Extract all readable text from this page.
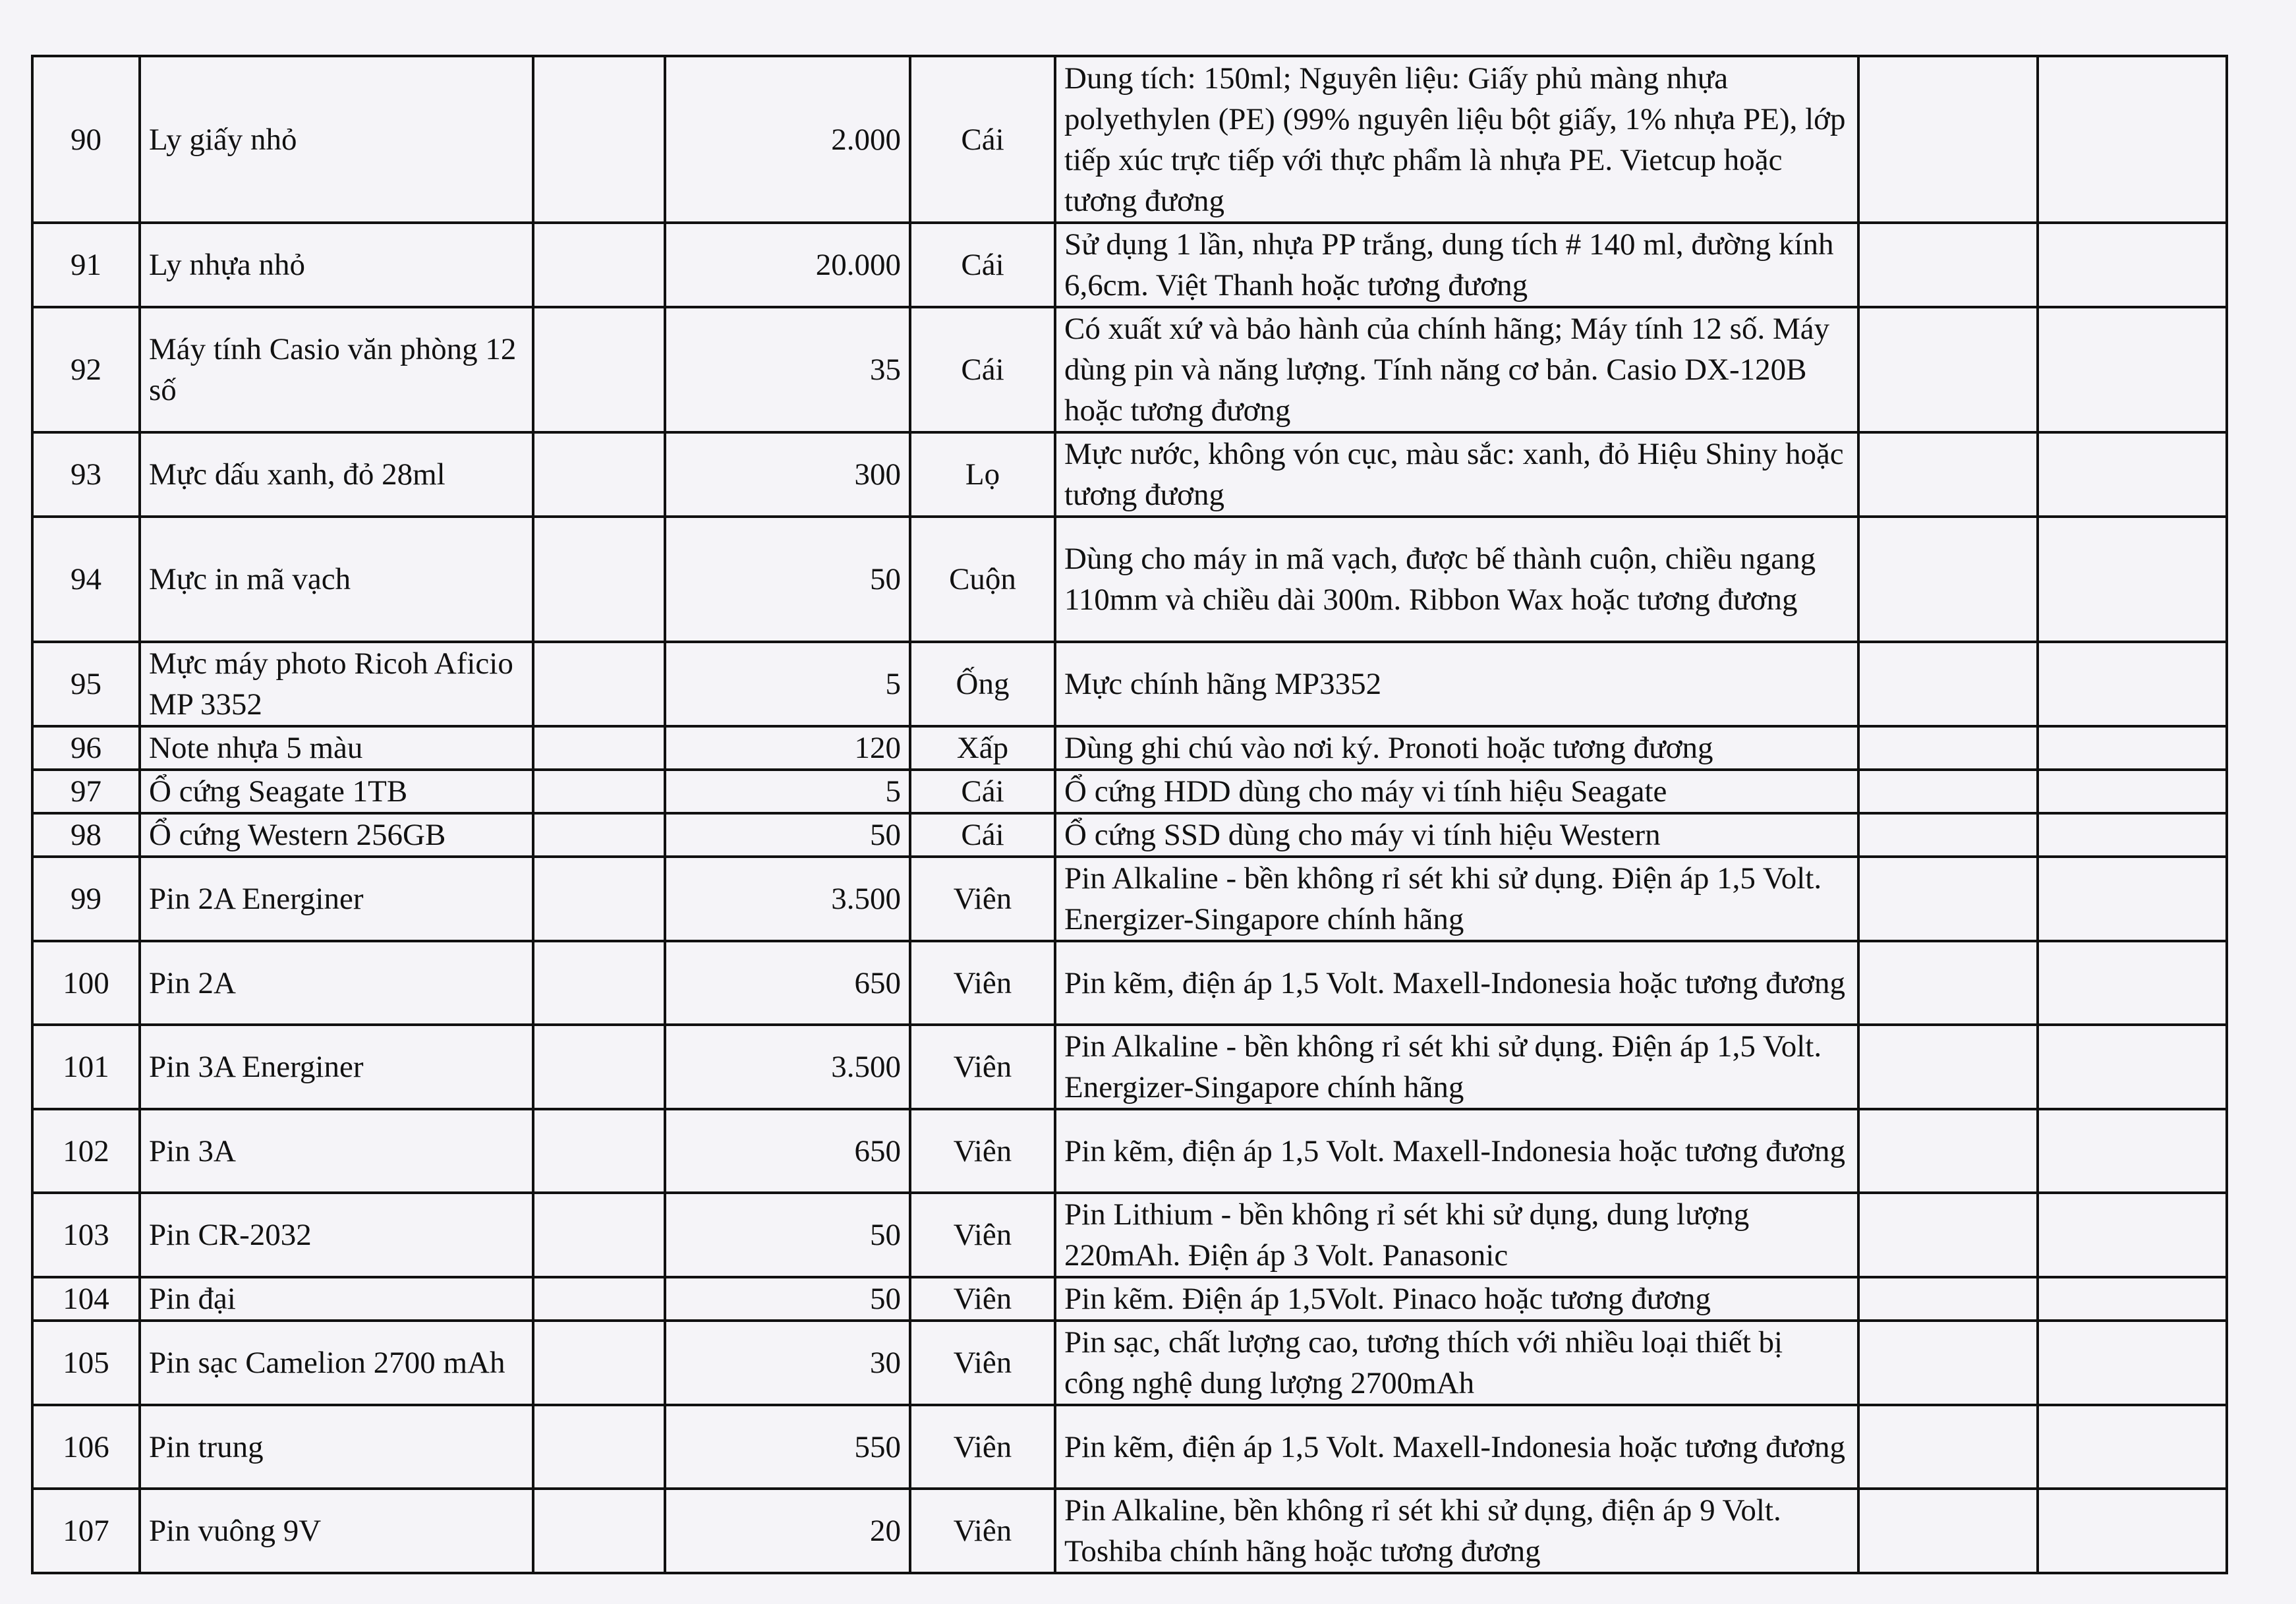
90	Ly giấy nhỏ		2.000	Cái	Dung tích: 150ml; Nguyên liệu: Giấy phủ màng nhựa polyethylen (PE) (99% nguyên liệu bột giấy, 1% nhựa PE), lớp tiếp xúc trực tiếp với thực phẩm là nhựa PE. Vietcup hoặc tương đương		
91	Ly nhựa nhỏ		20.000	Cái	Sử dụng 1 lần, nhựa PP trắng, dung tích # 140 ml, đường kính 6,6cm. Việt Thanh hoặc tương đương		
92	Máy tính Casio văn phòng 12 số		35	Cái	Có xuất xứ và bảo hành của chính hãng; Máy tính 12 số. Máy dùng pin và năng lượng. Tính năng cơ bản. Casio DX-120B hoặc tương đương		
93	Mực dấu xanh, đỏ 28ml		300	Lọ	Mực nước, không vón cục, màu sắc: xanh, đỏ Hiệu Shiny hoặc tương đương		
94	Mực in mã vạch		50	Cuộn	Dùng cho máy in mã vạch, được bế thành cuộn, chiều ngang 110mm và chiều dài 300m. Ribbon Wax hoặc tương đương		
95	Mực máy photo Ricoh Aficio MP 3352		5	Ống	Mực chính hãng MP3352		
96	Note nhựa 5 màu		120	Xấp	Dùng ghi chú vào nơi ký. Pronoti hoặc tương đương		
97	Ổ cứng Seagate 1TB		5	Cái	Ổ cứng HDD dùng cho máy vi tính hiệu Seagate		
98	Ổ cứng Western 256GB		50	Cái	Ổ cứng SSD dùng cho máy vi tính hiệu Western		
99	Pin 2A Energiner		3.500	Viên	Pin Alkaline - bền không rỉ sét khi sử dụng. Điện áp 1,5 Volt. Energizer-Singapore chính hãng		
100	Pin 2A		650	Viên	Pin kẽm, điện áp 1,5 Volt. Maxell-Indonesia hoặc tương đương		
101	Pin 3A Energiner		3.500	Viên	Pin Alkaline - bền không rỉ sét khi sử dụng. Điện áp 1,5 Volt. Energizer-Singapore chính hãng		
102	Pin 3A		650	Viên	Pin kẽm, điện áp 1,5 Volt. Maxell-Indonesia hoặc tương đương		
103	Pin CR-2032		50	Viên	Pin Lithium - bền không rỉ sét khi sử dụng, dung lượng 220mAh. Điện áp 3 Volt. Panasonic		
104	Pin đại		50	Viên	Pin kẽm. Điện áp 1,5Volt. Pinaco hoặc tương đương		
105	Pin sạc Camelion 2700 mAh		30	Viên	Pin sạc, chất lượng cao, tương thích với nhiều loại thiết bị công nghệ dung lượng 2700mAh		
106	Pin trung		550	Viên	Pin kẽm, điện áp 1,5 Volt. Maxell-Indonesia hoặc tương đương		
107	Pin vuông 9V		20	Viên	Pin Alkaline, bền không rỉ sét khi sử dụng, điện áp 9 Volt. Toshiba chính hãng hoặc tương đương		
